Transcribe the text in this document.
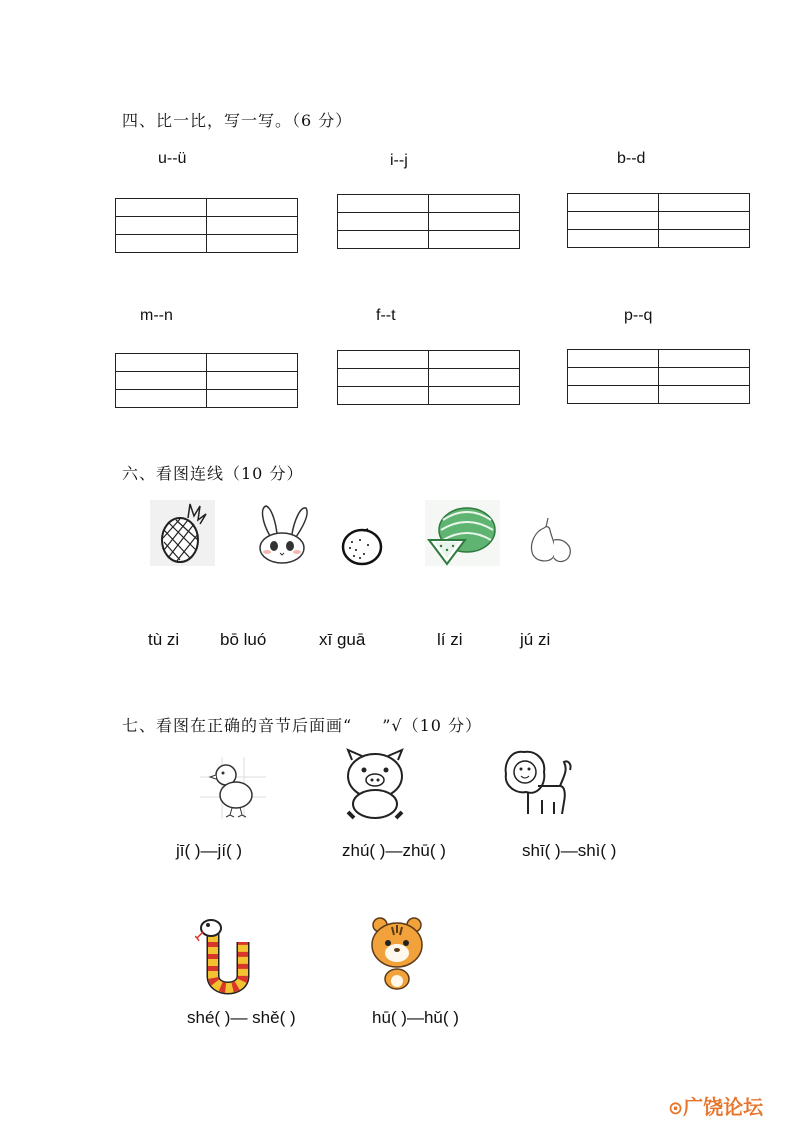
四、比一比，写一写。（6 分）
u--ü	i--j	b--d

m--n	f--t	p--q

六、看图连线（10 分）
tù zi bō luó	xī guā	lí zi	jú zi
七、看图在正确的音节后面画“ ”√（10 分）
jī( )—jí( )	zhú( )—zhū( )	shī( )—shì( )
shé( )— shě( )	hū( )—hǔ( )
⊙广饶论坛
